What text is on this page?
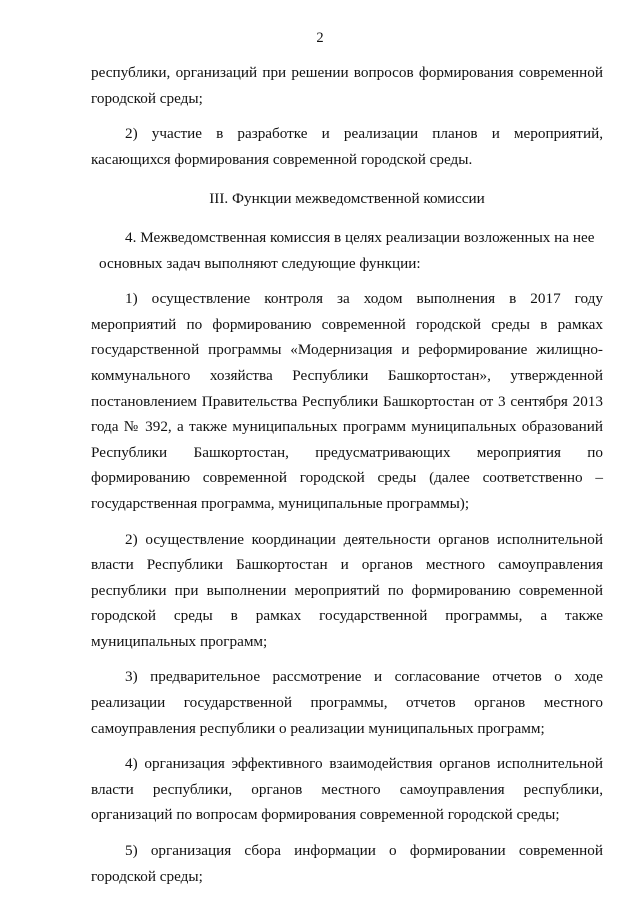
2

республики, организаций при решении вопросов формирования современной городской среды;

2) участие в разработке и реализации планов и мероприятий, касающихся формирования современной городской среды.

III. Функции межведомственной комиссии

4. Межведомственная комиссия в целях реализации возложенных на нее

основных задач выполняют следующие функции:

1) осуществление контроля за ходом выполнения в 2017 году мероприятий по формированию современной городской среды в рамках государственной программы «Модернизация и реформирование жилищно-коммунального хозяйства Республики Башкортостан», утвержденной постановлением Правительства Республики Башкортостан от 3 сентября 2013 года № 392, а также муниципальных программ муниципальных образований Республики Башкортостан, предусматривающих мероприятия по формированию современной городской среды (далее соответственно – государственная программа, муниципальные программы);

2) осуществление координации деятельности органов исполнительной власти Республики Башкортостан и органов местного самоуправления республики при выполнении мероприятий по формированию современной городской среды в рамках государственной программы, а также муниципальных программ;

3) предварительное рассмотрение и согласование отчетов о ходе реализации государственной программы, отчетов органов местного самоуправления республики о реализации муниципальных программ;

4) организация эффективного взаимодействия органов исполнительной власти республики, органов местного самоуправления республики, организаций по вопросам формирования современной городской среды;

5) организация сбора информации о формировании современной городской среды;
